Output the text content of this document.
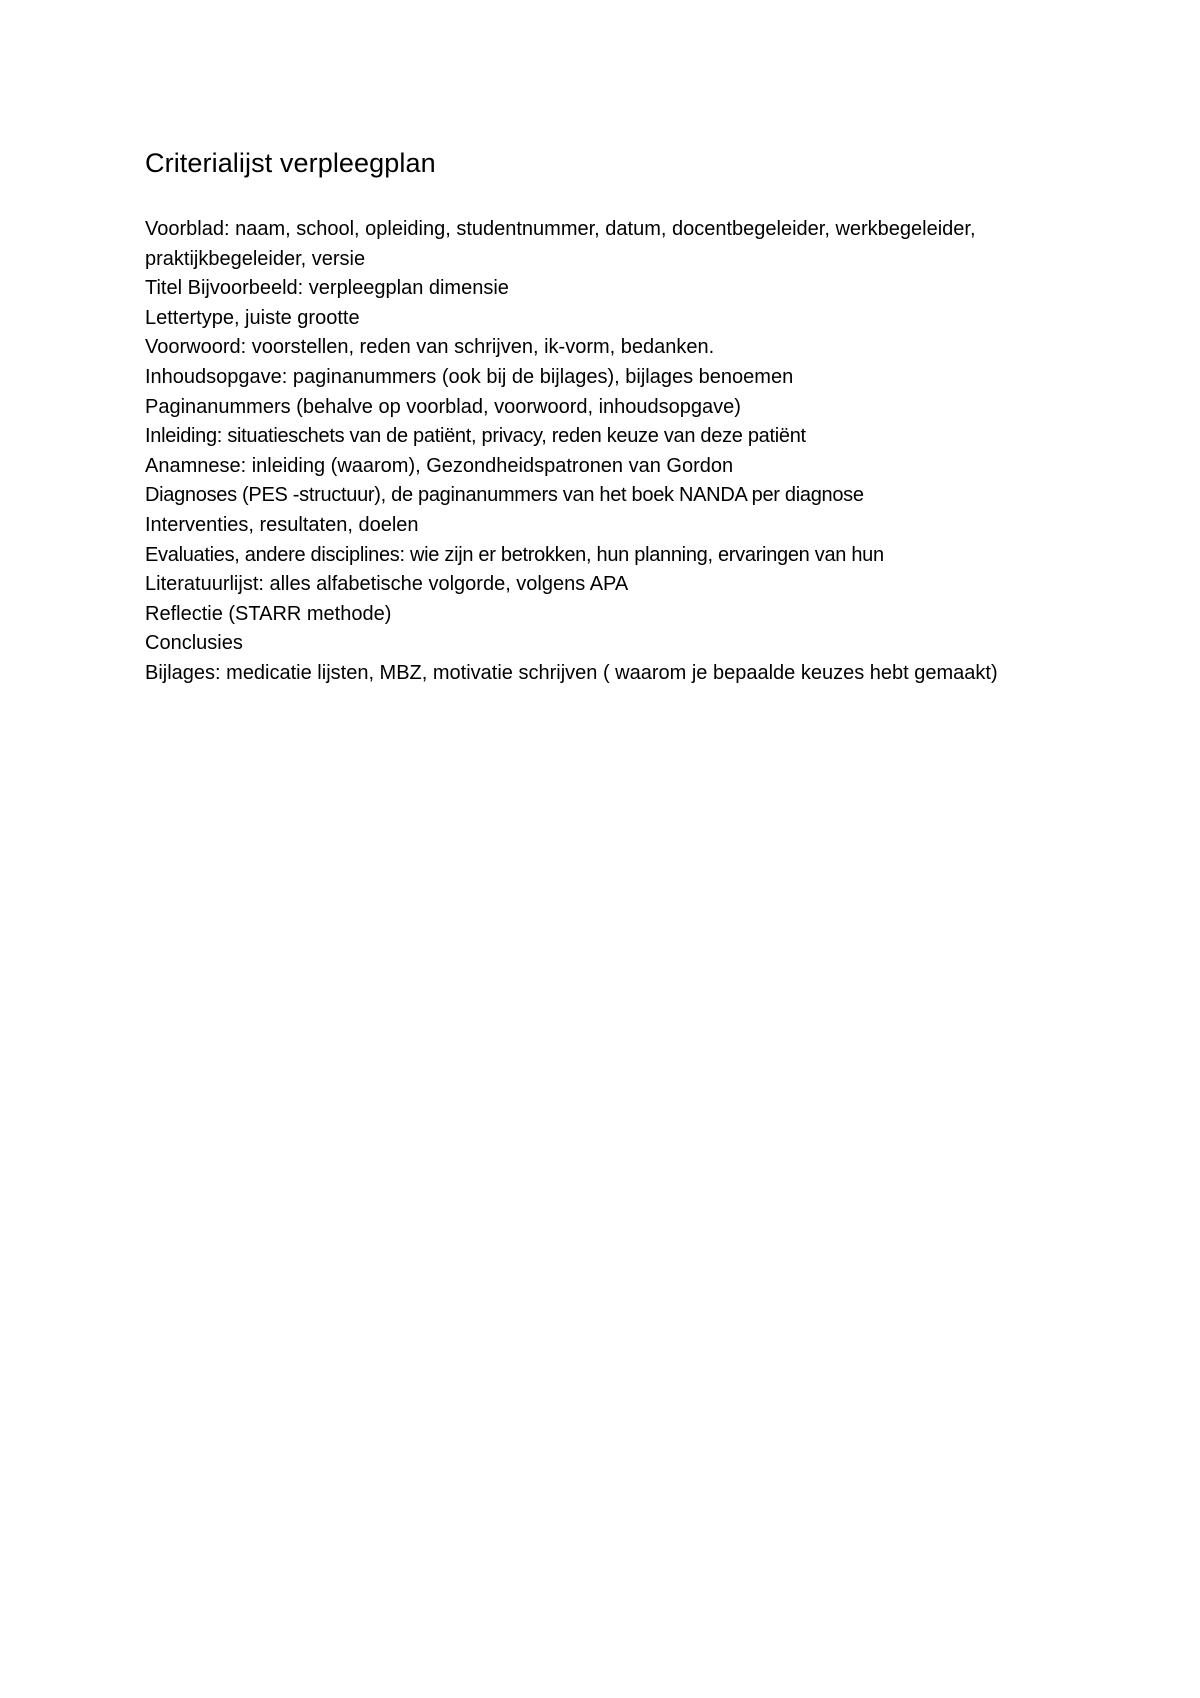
Criterialijst verpleegplan
Voorblad: naam, school, opleiding, studentnummer, datum, docentbegeleider, werkbegeleider, praktijkbegeleider, versie
Titel Bijvoorbeeld: verpleegplan dimensie
Lettertype, juiste grootte
Voorwoord: voorstellen, reden van schrijven, ik-vorm, bedanken.
Inhoudsopgave: paginanummers (ook bij de bijlages), bijlages benoemen
Paginanummers (behalve op voorblad, voorwoord, inhoudsopgave)
Inleiding: situatieschets van de patiënt, privacy, reden keuze van deze patiënt
Anamnese: inleiding (waarom), Gezondheidspatronen van Gordon
Diagnoses (PES -structuur), de paginanummers van het boek NANDA per diagnose
Interventies, resultaten, doelen
Evaluaties, andere disciplines: wie zijn er betrokken, hun planning, ervaringen van hun
Literatuurlijst: alles alfabetische volgorde, volgens APA
Reflectie (STARR methode)
Conclusies
Bijlages: medicatie lijsten, MBZ, motivatie schrijven ( waarom je bepaalde keuzes hebt gemaakt)
